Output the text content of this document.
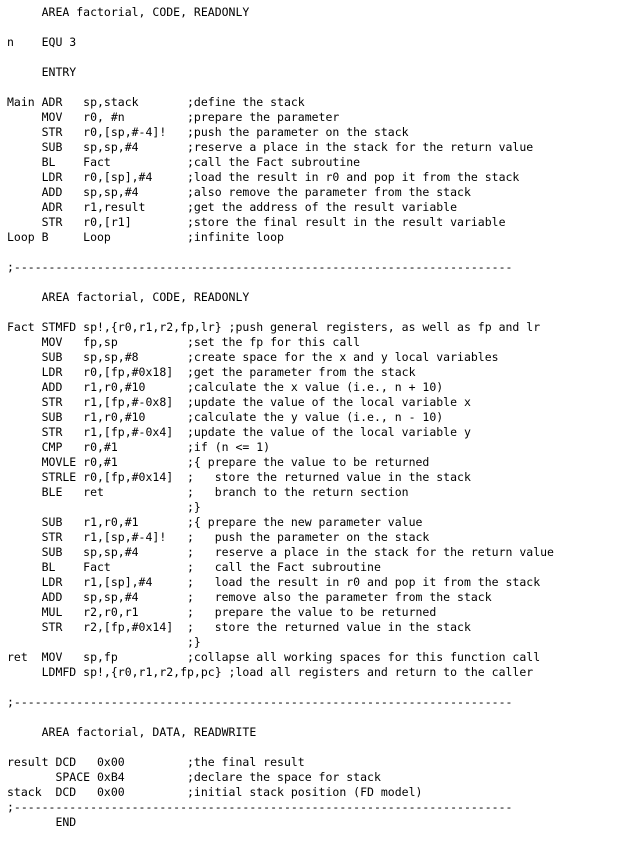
AREA factorial, CODE, READONLY
n    EQU 3
ENTRY
Main ADR   sp,stack       ;define the stack
MOV   r0, #n         ;prepare the parameter
STR   r0,[sp,#-4]!   ;push the parameter on the stack
SUB   sp,sp,#4       ;reserve a place in the stack for the return value
BL    Fact           ;call the Fact subroutine
LDR   r0,[sp],#4     ;load the result in r0 and pop it from the stack
ADD   sp,sp,#4       ;also remove the parameter from the stack
ADR   r1,result      ;get the address of the result variable
STR   r0,[r1]        ;store the final result in the result variable
Loop B     Loop           ;infinite loop
;------------------------------------------------------------------------
AREA factorial, CODE, READONLY
Fact STMFD sp!,{r0,r1,r2,fp,lr} ;push general registers, as well as fp and lr
MOV   fp,sp          ;set the fp for this call
SUB   sp,sp,#8       ;create space for the x and y local variables
LDR   r0,[fp,#0x18]  ;get the parameter from the stack
ADD   r1,r0,#10      ;calculate the x value (i.e., n + 10)
STR   r1,[fp,#-0x8]  ;update the value of the local variable x
SUB   r1,r0,#10      ;calculate the y value (i.e., n - 10)
STR   r1,[fp,#-0x4]  ;update the value of the local variable y
CMP   r0,#1          ;if (n <= 1)
MOVLE r0,#1          ;{ prepare the value to be returned
STRLE r0,[fp,#0x14]  ;   store the returned value in the stack
BLE   ret            ;   branch to the return section
;}
SUB   r1,r0,#1       ;{ prepare the new parameter value
STR   r1,[sp,#-4]!   ;   push the parameter on the stack
SUB   sp,sp,#4       ;   reserve a place in the stack for the return value
BL    Fact           ;   call the Fact subroutine
LDR   r1,[sp],#4     ;   load the result in r0 and pop it from the stack
ADD   sp,sp,#4       ;   remove also the parameter from the stack
MUL   r2,r0,r1       ;   prepare the value to be returned
STR   r2,[fp,#0x14]  ;   store the returned value in the stack
;}
ret  MOV   sp,fp          ;collapse all working spaces for this function call
LDMFD sp!,{r0,r1,r2,fp,pc} ;load all registers and return to the caller
;------------------------------------------------------------------------
AREA factorial, DATA, READWRITE
result DCD   0x00         ;the final result
SPACE 0xB4         ;declare the space for stack
stack  DCD   0x00         ;initial stack position (FD model)
;------------------------------------------------------------------------
END
